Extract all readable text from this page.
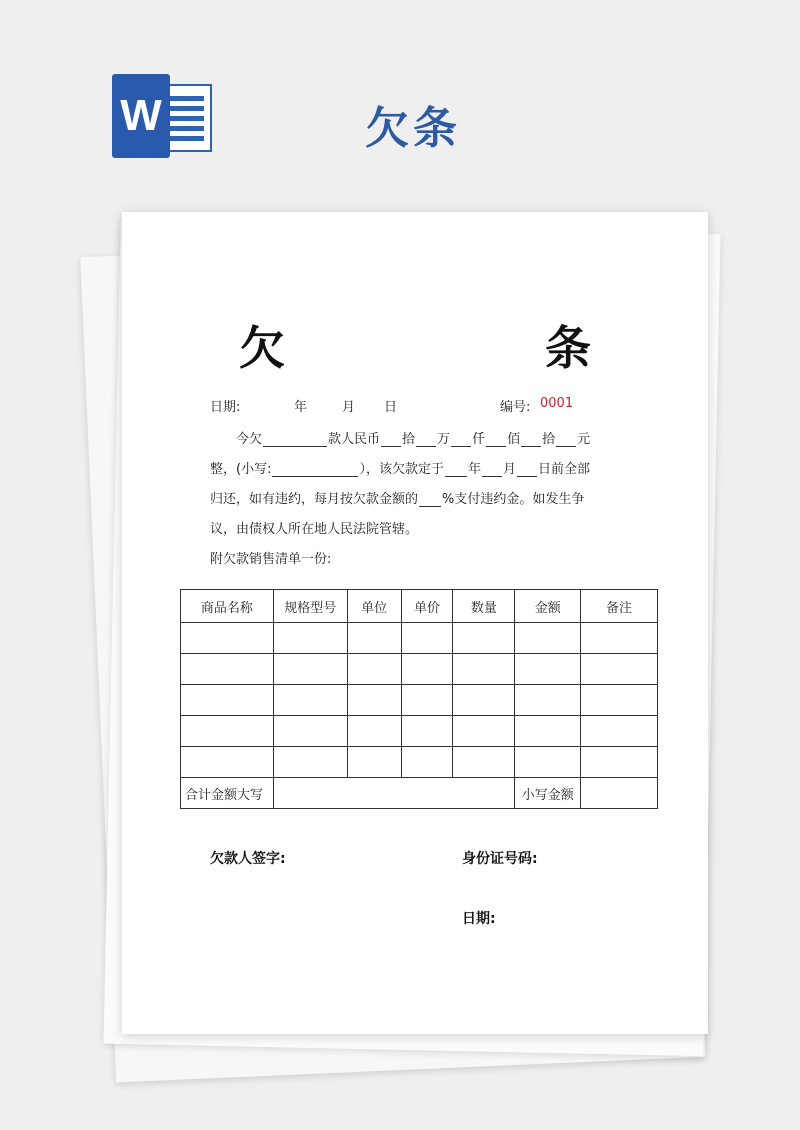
W	欠条
欠　　条
日期:	年	月 日	编号: 0001
今欠	款人民币 拾 万 仟 佰 拾 元
整，(小写:	），该欠款定于 年 月 日前全部
归还，如有违约，每月按欠款金额的 %支付违约金。如发生争
议，由债权人所在地人民法院管辖。
附欠款销售清单一份:
商品名称	规格型号	单位	单价	数量	金额	备注

合计金额大写					小写金额	
欠款人签字:	身份证号码:
日期:
